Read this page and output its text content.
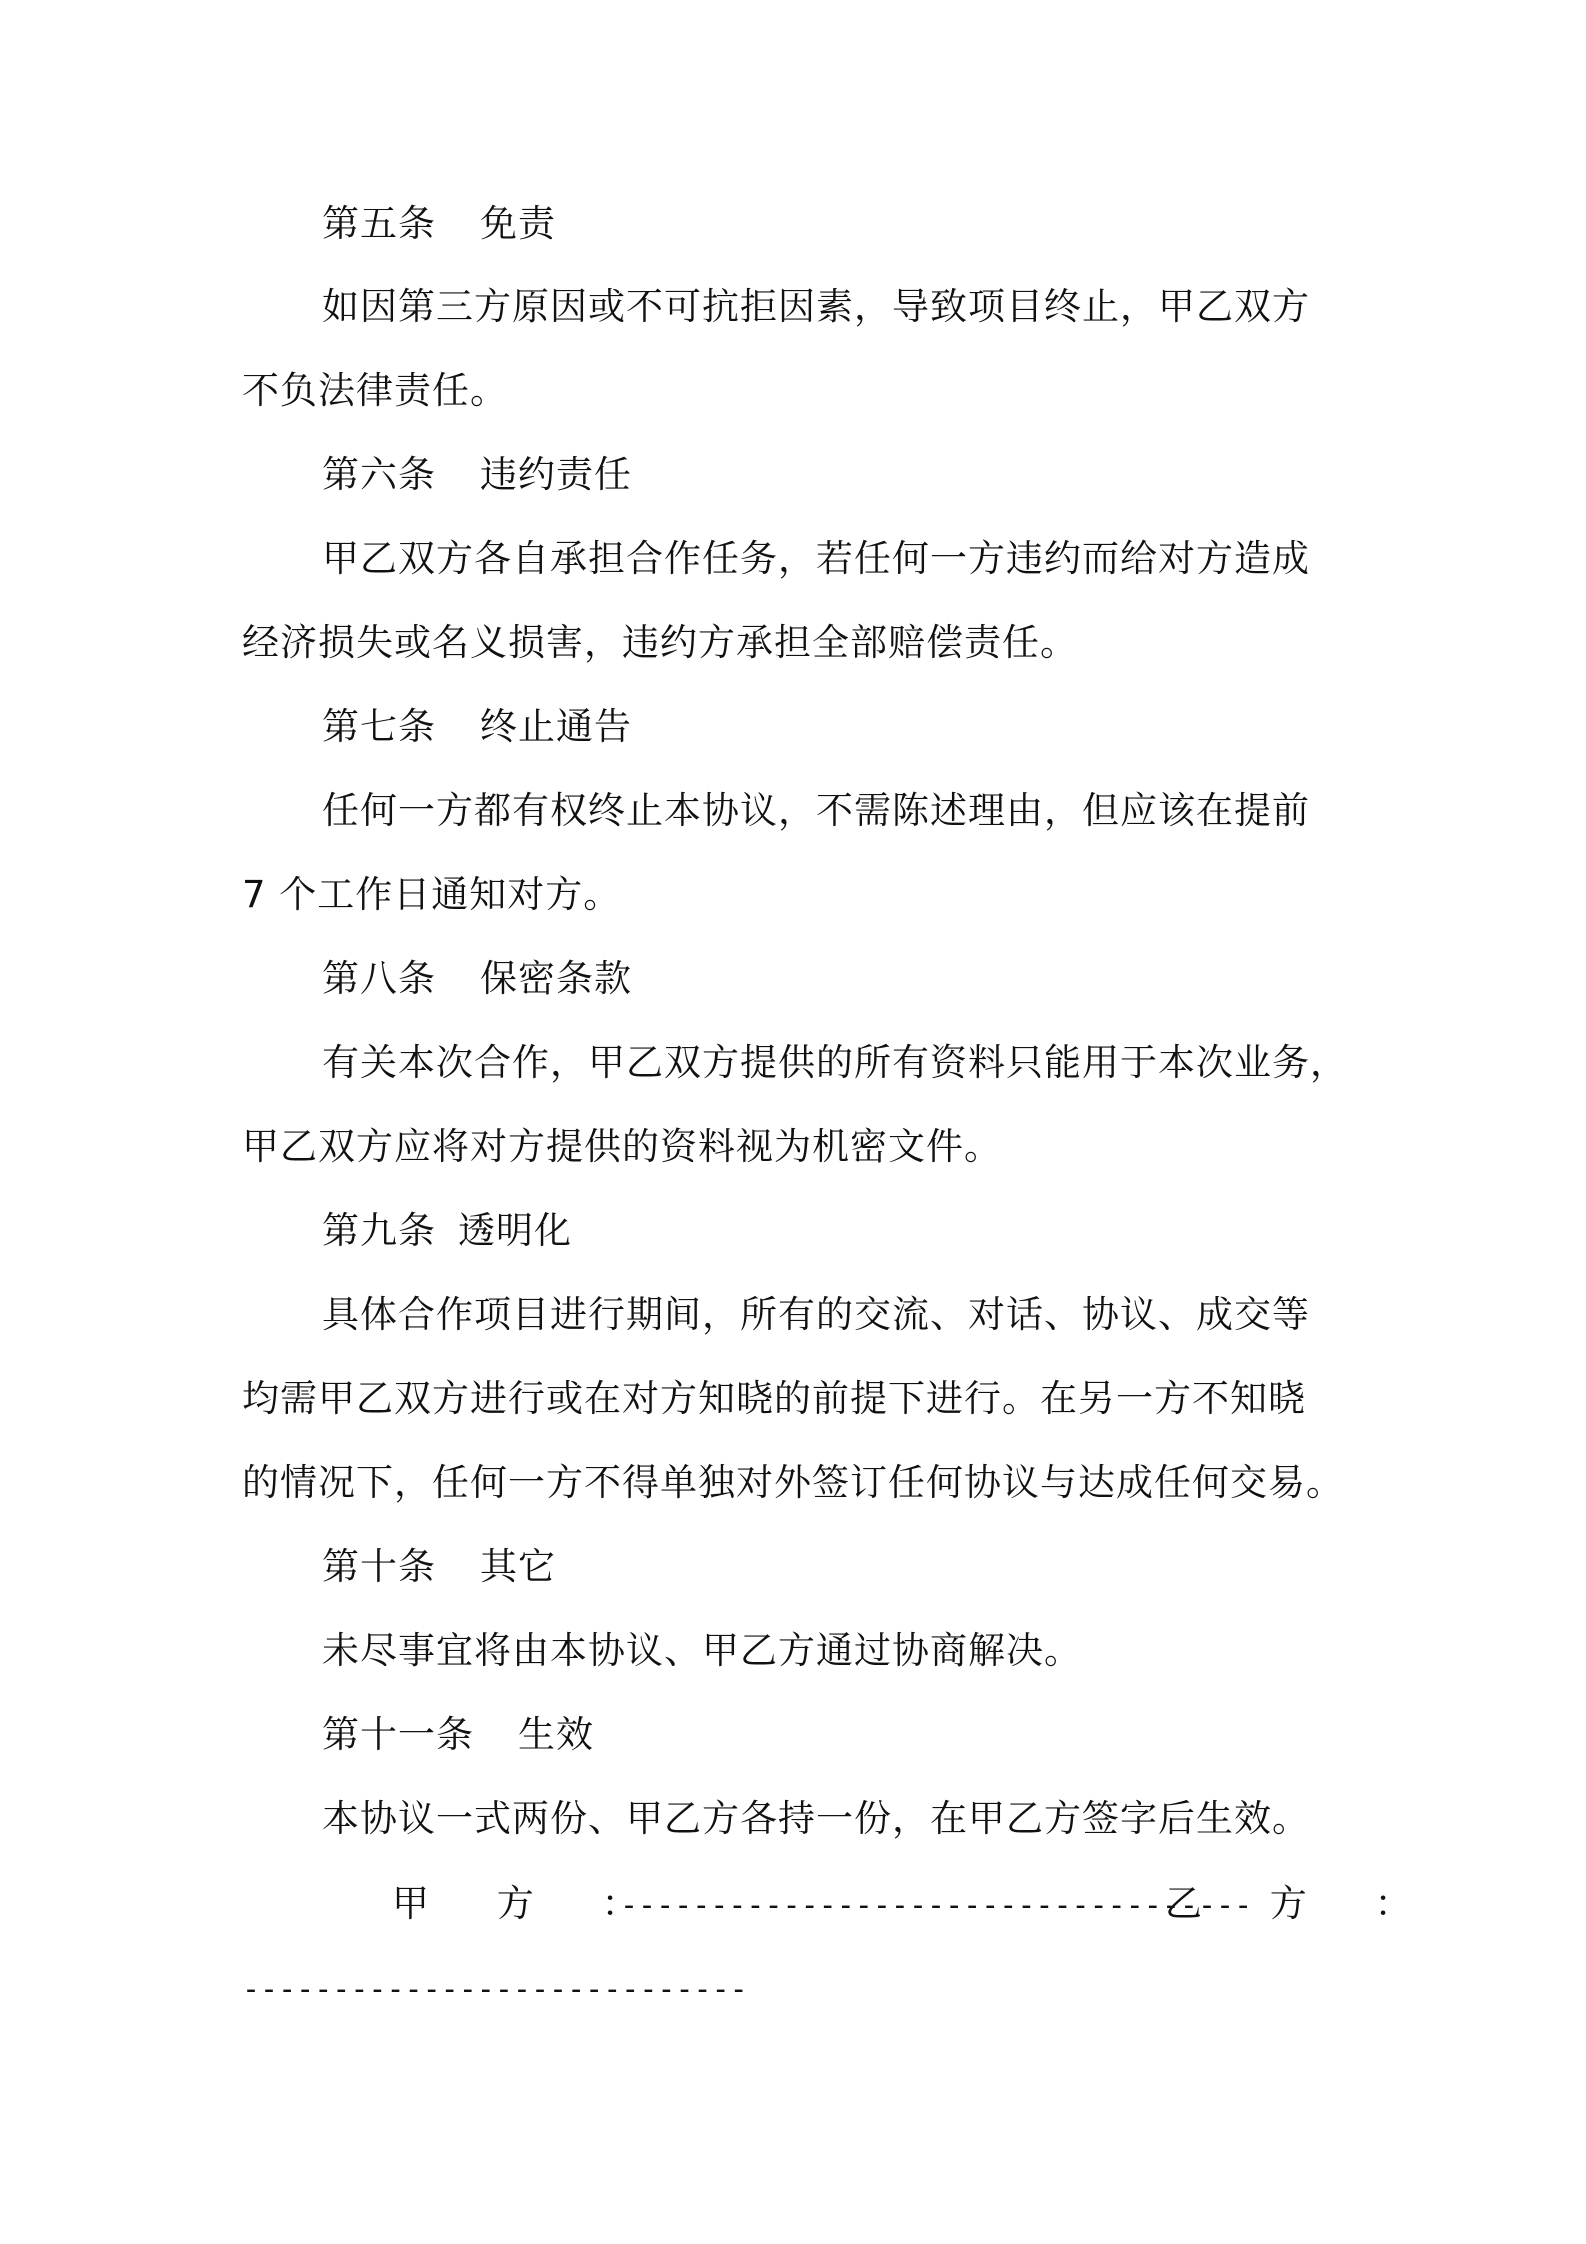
第五条 免责
如因第三方原因或不可抗拒因素，导致项目终止，甲乙双方
不负法律责任。
第六条 违约责任
甲乙双方各自承担合作任务，若任何一方违约而给对方造成
经济损失或名义损害，违约方承担全部赔偿责任。
第七条 终止通告
任何一方都有权终止本协议，不需陈述理由，但应该在提前
7 个工作日通知对方。
第八条 保密条款
有关本次合作，甲乙双方提供的所有资料只能用于本次业务，
甲乙双方应将对方提供的资料视为机密文件。
第九条 透明化
具体合作项目进行期间，所有的交流、对话、协议、成交等
均需甲乙双方进行或在对方知晓的前提下进行。在另一方不知晓
的情况下，任何一方不得单独对外签订任何协议与达成任何交易。
第十条 其它
未尽事宜将由本协议、甲乙方通过协商解决。
第十一条 生效
本协议一式两份、甲乙方各持一份，在甲乙方签字后生效。
甲 方 ：
-----------------------------------
乙 方 ：
----------------------------
